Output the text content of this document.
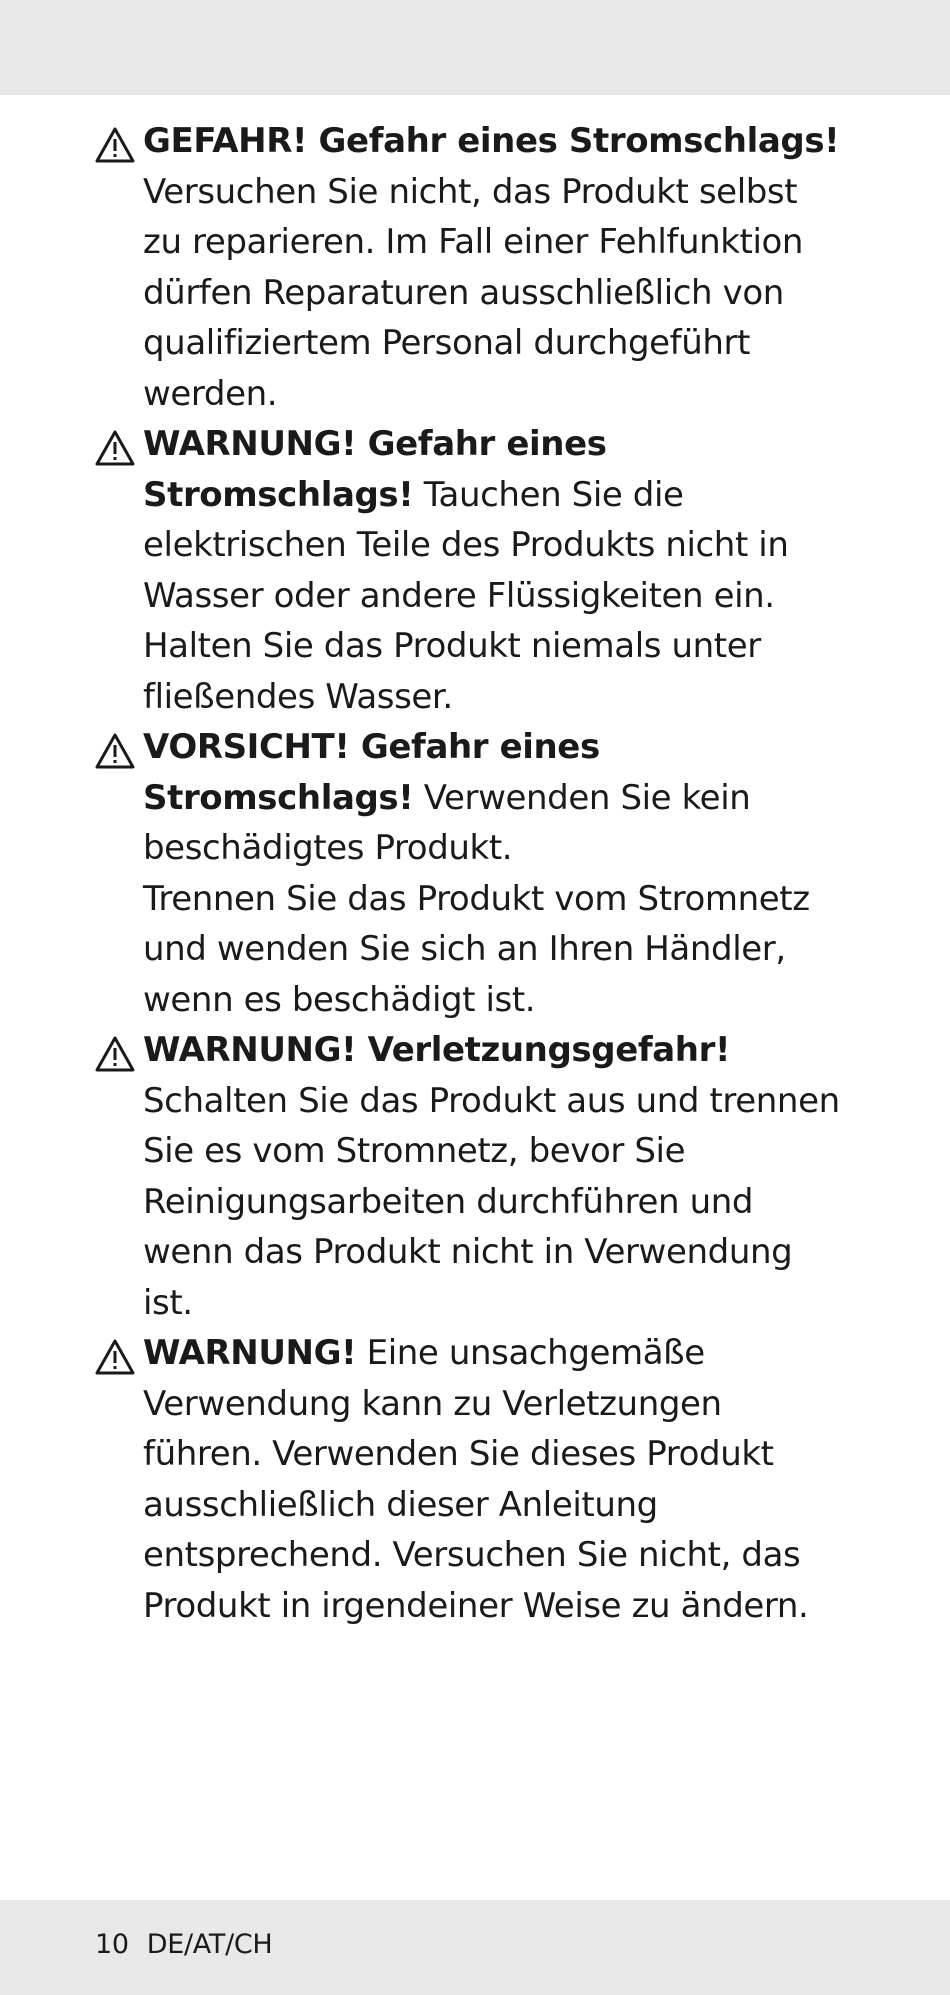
GEFAHR! Gefahr eines Stromschlags! Versuchen Sie nicht, das Produkt selbst zu reparieren. Im Fall einer Fehlfunktion dürfen Reparaturen ausschließlich von qualifiziertem Personal durchgeführt werden.
WARNUNG! Gefahr eines Stromschlags! Tauchen Sie die elektrischen Teile des Produkts nicht in Wasser oder andere Flüssigkeiten ein. Halten Sie das Produkt niemals unter fließendes Wasser.
VORSICHT! Gefahr eines Stromschlags! Verwenden Sie kein beschädigtes Produkt.
Trennen Sie das Produkt vom Stromnetz und wenden Sie sich an Ihren Händler, wenn es beschädigt ist.
WARNUNG! Verletzungsgefahr! Schalten Sie das Produkt aus und trennen Sie es vom Stromnetz, bevor Sie Reinigungsarbeiten durchführen und wenn das Produkt nicht in Verwendung ist.
WARNUNG! Eine unsachgemäße Verwendung kann zu Verletzungen führen. Verwenden Sie dieses Produkt ausschließlich dieser Anleitung entsprechend. Versuchen Sie nicht, das Produkt in irgendeiner Weise zu ändern.
10 DE/AT/CH
